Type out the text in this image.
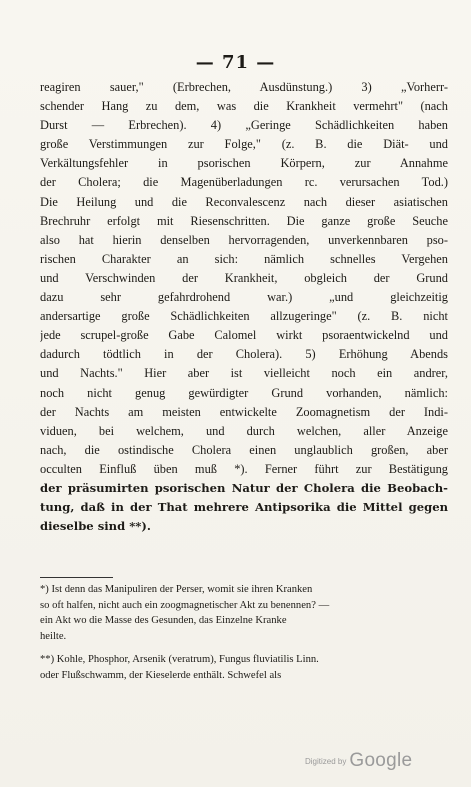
— 71 —
reagiren sauer," (Erbrechen, Ausdünstung.) 3) „Vorherr-
schender Hang zu dem, was die Krankheit vermehrt" (nach
Durst — Erbrechen). 4) „Geringe Schädlichkeiten haben
große Verstimmungen zur Folge," (z. B. die Diät- und
Verkältungsfehler in psorischen Körpern, zur Annahme
der Cholera; die Magenüberladungen rc. verursachen Tod.)
Die Heilung und die Reconvalescenz nach dieser asiatischen
Brechruhr erfolgt mit Riesenschritten. Die ganze große Seuche
also hat hierin denselben hervorragenden, unverkennbaren pso-
rischen Charakter an sich: nämlich schnelles Vergehen
und Verschwinden der Krankheit, obgleich der Grund
dazu sehr gefahrdrohend war.) „und gleichzeitig
andersartige große Schädlichkeiten allzugeringe" (z. B. nicht
jede scrupel-große Gabe Calomel wirkt psoraentwickelnd und
dadurch tödtlich in der Cholera). 5) Erhöhung Abends
und Nachts." Hier aber ist vielleicht noch ein andrer,
noch nicht genug gewürdigter Grund vorhanden, nämlich:
der Nachts am meisten entwickelte Zoomagnetism der Indi-
viduen, bei welchem, und durch welchen, aller Anzeige
nach, die ostindische Cholera einen unglaublich großen, aber
occulten Einfluß üben muß *). Ferner führt zur Bestätigung
der präsumirten psorischen Natur der Cholera die Beobach-
tung, daß in der That mehrere Antipsorika die Mittel gegen
dieselbe sind **).
*) Ist denn das Manipuliren der Perser, womit sie ihren Kranken
so oft halfen, nicht auch ein zoogmagnetischer Akt zu benennen? —
ein Akt wo die Masse des Gesunden, das Einzelne Kranke
heilte.
**) Kohle, Phosphor, Arsenik (veratrum), Fungus fluviatilis Linn.
oder Flußschwamm, der Kieselerde enthält. Schwefel als
Digitized by Google
